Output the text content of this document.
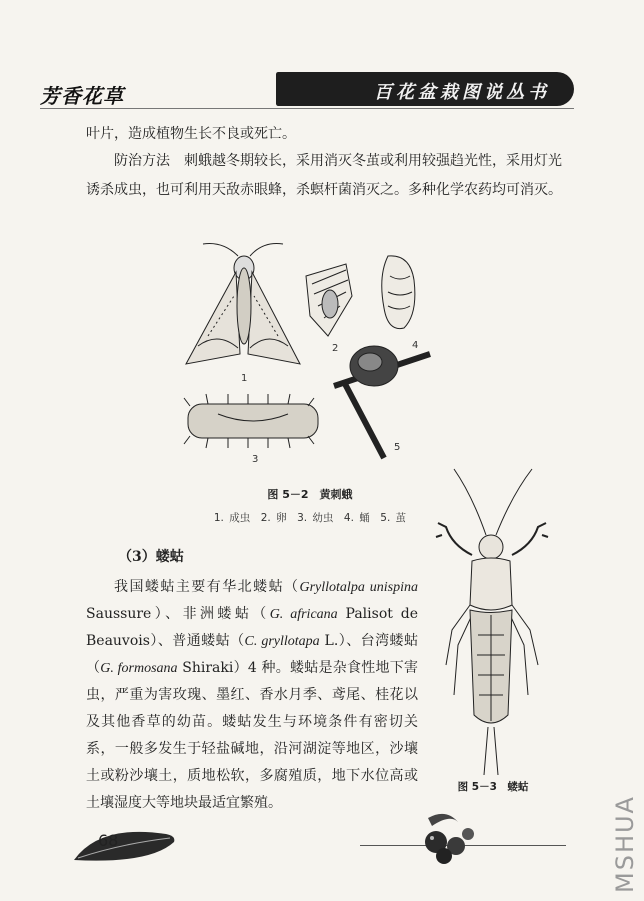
芳香花草	百花盆栽图说丛书

叶片，造成植物生长不良或死亡。

防治方法　刺蛾越冬期较长，采用消灭冬茧或利用较强趋光性，采用灯光诱杀成虫，也可利用天敌赤眼蜂，杀螟杆菌消灭之。多种化学农药均可消灭。

1
2	4
5
3
图 5－2　黄刺蛾
1. 成虫　2. 卵　3. 幼虫　4. 蛹　5. 茧
（3）蝼蛄

我国蝼蛄主要有华北蝼蛄（Gryllotalpa unispina Saussure）、非洲蝼蛄（G. africana Palisot de Beauvois）、普通蝼蛄（C. gryllotapa L.）、台湾蝼蛄（G. formosana Shiraki）4 种。蝼蛄是杂食性地下害虫，严重为害玫瑰、墨红、香水月季、鸢尾、桂花以及其他香草的幼苗。蝼蛄发生与环境条件有密切关系，一般多发生于轻盐碱地，沿河湖淀等地区，沙壤土或粉沙壤土，质地松软，多腐殖质，地下水位高或土壤湿度大等地块最适宜繁殖。

图 5－3　蝼蛄
68	MSHUA
